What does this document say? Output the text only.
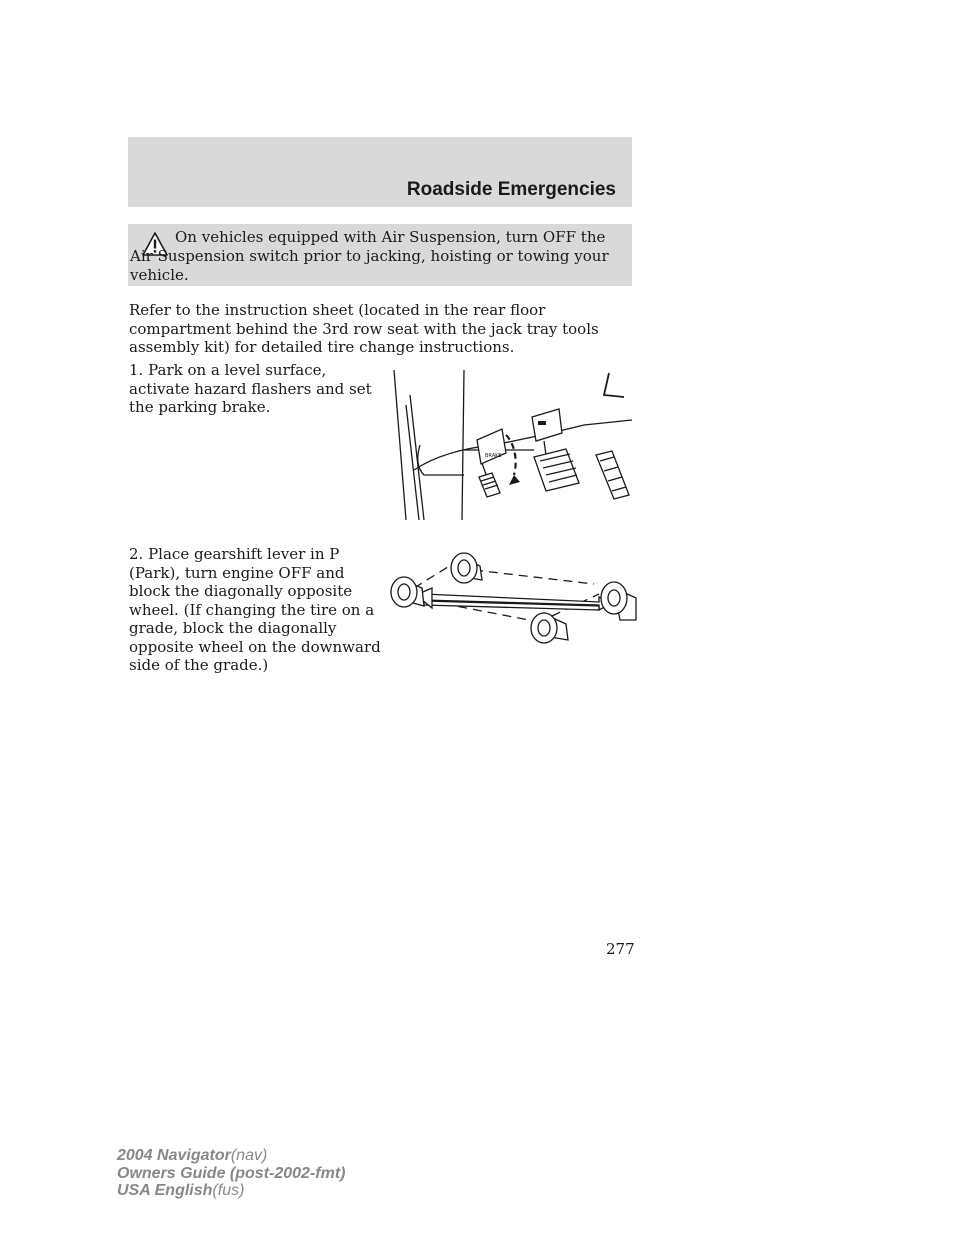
Roadside Emergencies

On vehicles equipped with Air Suspension, turn OFF the Air Suspension switch prior to jacking, hoisting or towing your vehicle.

Refer to the instruction sheet (located in the rear floor compartment behind the 3rd row seat with the jack tray tools assembly kit) for detailed tire change instructions.

1. Park on a level surface, activate hazard flashers and set the parking brake.

BRAKE

2. Place gearshift lever in P (Park), turn engine OFF and block the diagonally opposite wheel. (If changing the tire on a grade, block the diagonally opposite wheel on the downward side of the grade.)

277

2004 Navigator(nav)
Owners Guide (post-2002-fmt)
USA English(fus)
